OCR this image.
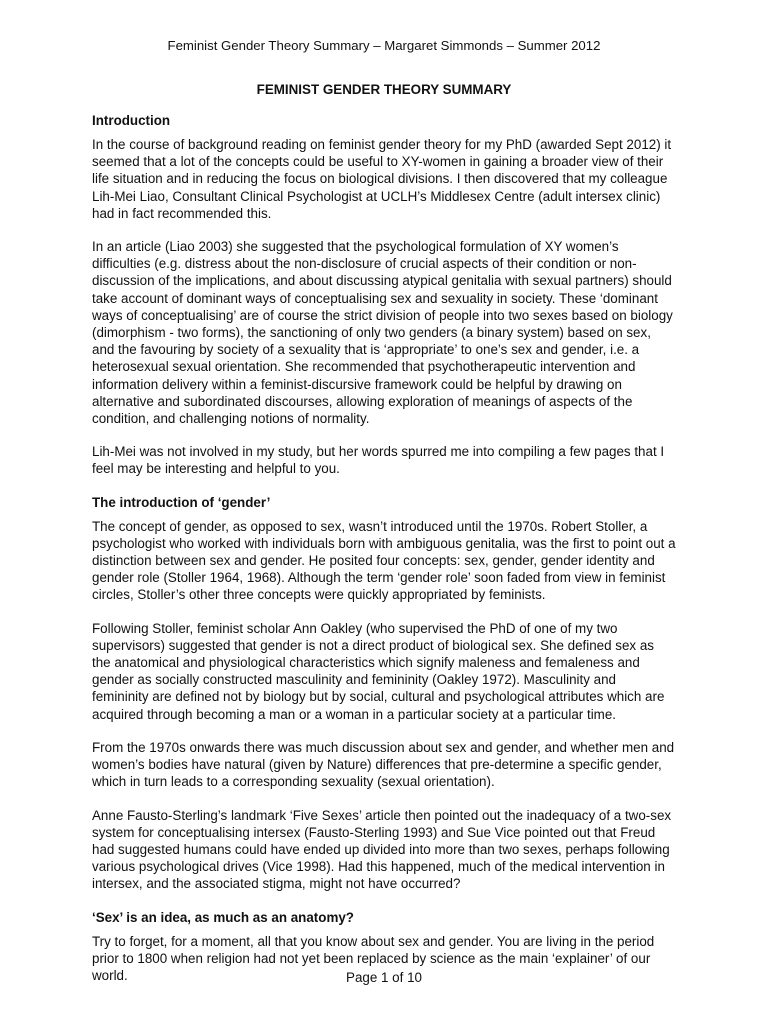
Feminist Gender Theory Summary – Margaret Simmonds – Summer 2012
FEMINIST GENDER THEORY SUMMARY
Introduction

In the course of background reading on feminist gender theory for my PhD (awarded Sept 2012) it seemed that a lot of the concepts could be useful to XY-women in gaining a broader view of their life situation and in reducing the focus on biological divisions. I then discovered that my colleague Lih-Mei Liao, Consultant Clinical Psychologist at UCLH’s Middlesex Centre (adult intersex clinic) had in fact recommended this.

In an article (Liao 2003) she suggested that the psychological formulation of XY women’s difficulties (e.g. distress about the non-disclosure of crucial aspects of their condition or non-discussion of the implications, and about discussing atypical genitalia with sexual partners) should take account of dominant ways of conceptualising sex and sexuality in society. These ‘dominant ways of conceptualising’ are of course the strict division of people into two sexes based on biology (dimorphism - two forms), the sanctioning of only two genders (a binary system) based on sex, and the favouring by society of a sexuality that is ‘appropriate’ to one’s sex and gender, i.e. a heterosexual sexual orientation. She recommended that psychotherapeutic intervention and information delivery within a feminist-discursive framework could be helpful by drawing on alternative and subordinated discourses, allowing exploration of meanings of aspects of the condition, and challenging notions of normality.

Lih-Mei was not involved in my study, but her words spurred me into compiling a few pages that I feel may be interesting and helpful to you.

The introduction of ‘gender’

The concept of gender, as opposed to sex, wasn’t introduced until the 1970s. Robert Stoller, a psychologist who worked with individuals born with ambiguous genitalia, was the first to point out a distinction between sex and gender. He posited four concepts: sex, gender, gender identity and gender role (Stoller 1964, 1968). Although the term ‘gender role’ soon faded from view in feminist circles, Stoller’s other three concepts were quickly appropriated by feminists.

Following Stoller, feminist scholar Ann Oakley (who supervised the PhD of one of my two supervisors) suggested that gender is not a direct product of biological sex. She defined sex as the anatomical and physiological characteristics which signify maleness and femaleness and gender as socially constructed masculinity and femininity (Oakley 1972). Masculinity and femininity are defined not by biology but by social, cultural and psychological attributes which are acquired through becoming a man or a woman in a particular society at a particular time.

From the 1970s onwards there was much discussion about sex and gender, and whether men and women’s bodies have natural (given by Nature) differences that pre-determine a specific gender, which in turn leads to a corresponding sexuality (sexual orientation).

Anne Fausto-Sterling’s landmark ‘Five Sexes’ article then pointed out the inadequacy of a two-sex system for conceptualising intersex (Fausto-Sterling 1993) and Sue Vice pointed out that Freud had suggested humans could have ended up divided into more than two sexes, perhaps following various psychological drives (Vice 1998). Had this happened, much of the medical intervention in intersex, and the associated stigma, might not have occurred?

‘Sex’ is an idea, as much as an anatomy?

Try to forget, for a moment, all that you know about sex and gender. You are living in the period prior to 1800 when religion had not yet been replaced by science as the main ‘explainer’ of our world.	Page 1 of 10
